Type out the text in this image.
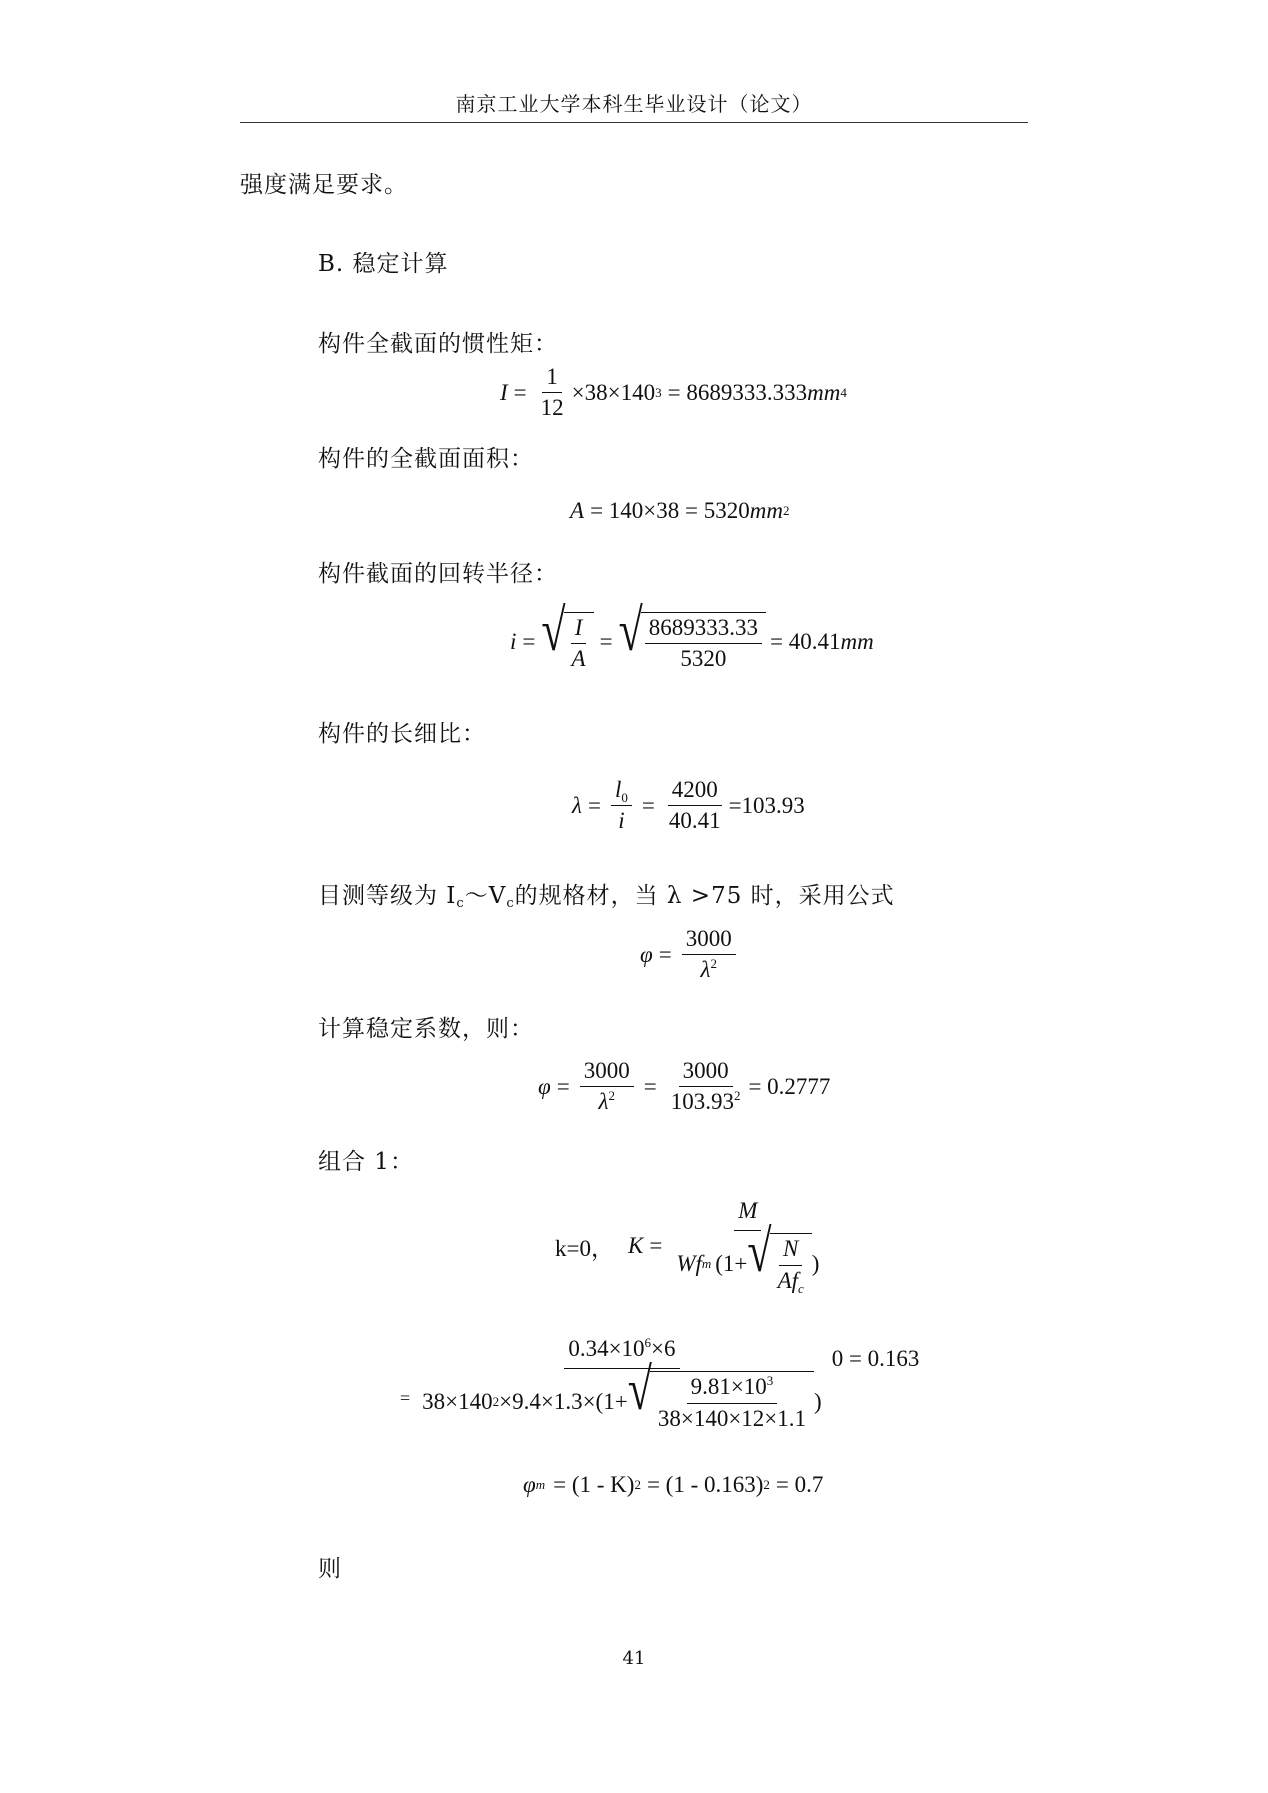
南京工业大学本科生毕业设计（论文）
强度满足要求。
B. 稳定计算
构件全截面的惯性矩：
$I = \frac{1}{12} \times 38\times 140$ 3 = 8689333.333 mm 4
构件的全截面面积：
A = 140×38 = 5320 mm 2
构件截面的回转半径：
i = √ $\frac{I}{A}$ = √ $\frac{8689333.33}{5320} = 40.41$ mm
构件的长细比：
$\lambda = \frac{l_0}{i} = \frac{4200}{40.41} =103.93$
目测等级为 Ic～Vc的规格材，当 λ >75 时，采用公式
$\varphi = \frac{3000}{\lambda^2}$
计算稳定系数，则：
$\varphi = \frac{3000}{\lambda^2} = \frac{3000}{103.93^2} = 0.2777$
组合 1：
k=0， K =
M
Wf m (1+ √ $\frac{N}{Af_c}$ )
=
$0.34\times 10^6\times 6$
38×140 2 ×9.4×1.3×(1+ √ $\frac{9.81\times 10^3}{38\times 140\times 12\times 1.1}$ )
0 = 0.163
φ m = (1 - K) 2 = (1 - 0.163) 2 = 0.7
则
41
